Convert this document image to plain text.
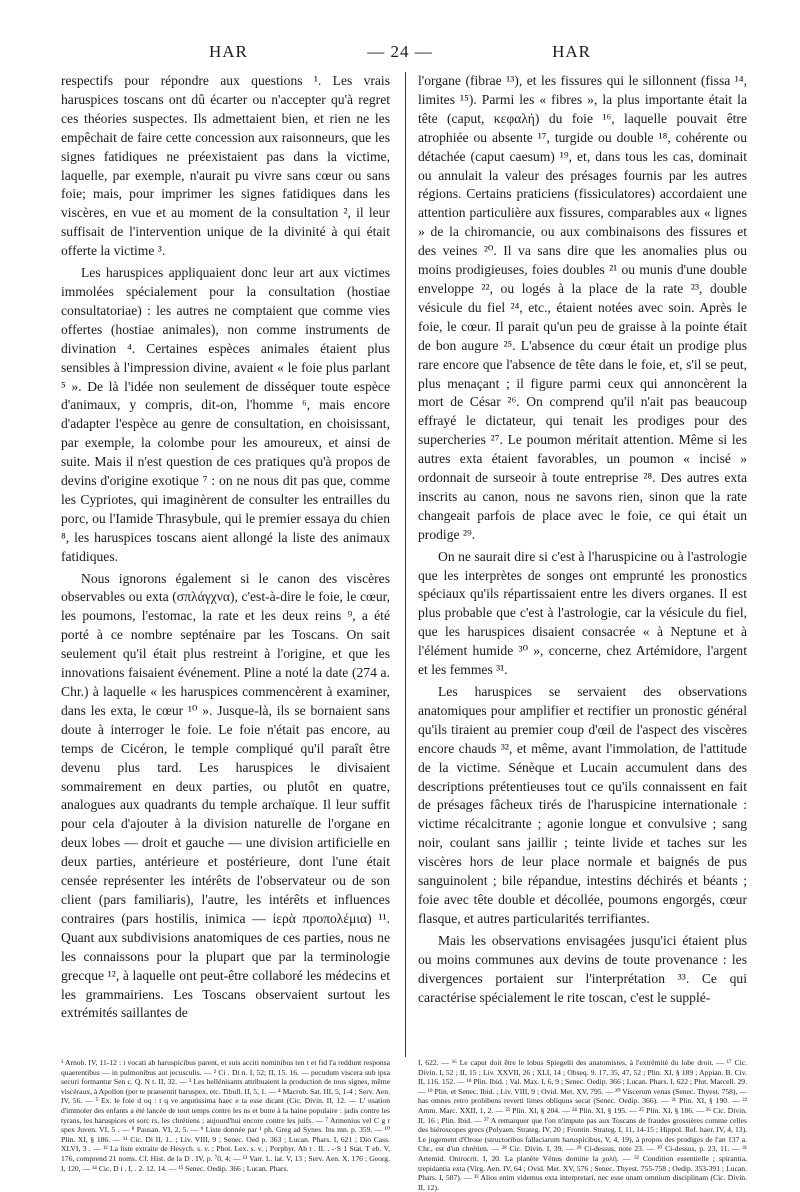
HAR	— 24 —	HAR

respectifs pour répondre aux questions ¹. Les vrais haruspices toscans ont dû écarter ou n'accepter qu'à regret ces théories suspectes. Ils admettaient bien, et rien ne les empêchait de faire cette concession aux raisonneurs, que les signes fatidiques ne préexistaient pas dans la victime, laquelle, par exemple, n'aurait pu vivre sans cœur ou sans foie; mais, pour imprimer les signes fatidiques dans les viscères, en vue et au moment de la consultation ², il leur suffisait de l'intervention unique de la divinité à qui était offerte la victime ³.

Les haruspices appliquaient donc leur art aux victimes immolées spécialement pour la consultation (hostiae consultatoriae) : les autres ne comptaient que comme vies offertes (hostiae animales), non comme instruments de divination ⁴. Certaines espèces animales étaient plus sensibles à l'impression divine, avaient « le foie plus parlant ⁵ ». De là l'idée non seulement de disséquer toute espèce d'animaux, y compris, dit-on, l'homme ⁶, mais encore d'adapter l'espèce au genre de consultation, en choisissant, par exemple, la colombe pour les amoureux, et ainsi de suite. Mais il n'est question de ces pratiques qu'à propos de devins d'origine exotique ⁷ : on ne nous dit pas que, comme les Cypriotes, qui imaginèrent de consulter les entrailles du porc, ou l'Iamide Thrasybule, qui le premier essaya du chien ⁸, les haruspices toscans aient allongé la liste des animaux fatidiques.

Nous ignorons également si le canon des viscères observables ou exta (σπλάγχνα), c'est-à-dire le foie, le cœur, les poumons, l'estomac, la rate et les deux reins ⁹, a été porté à ce nombre septénaire par les Toscans. On sait seulement qu'il était plus restreint à l'origine, et que les innovations faisaient événement. Pline a noté la date (274 a. Chr.) à laquelle « les haruspices commencèrent à examiner, dans les exta, le cœur ¹⁰ ». Jusque-là, ils se bornaient sans doute à interroger le foie. Le foie n'était pas encore, au temps de Cicéron, le temple compliqué qu'il paraît être devenu plus tard. Les haruspices le divisaient sommairement en deux parties, ou plutôt en quatre, analogues aux quadrants du temple archaïque. Il leur suffit pour cela d'ajouter à la division naturelle de l'organe en deux lobes — droit et gauche — une division artificielle en deux parties, antérieure et postérieure, dont l'une était censée représenter les intérêts de l'observateur ou de son client (pars familiaris), l'autre, les intérêts et influences contraires (pars hostilis, inimica — ἱερὰ προπολέμια) ¹¹. Quant aux subdivisions anatomiques de ces parties, nous ne les connaissons pour la plupart que par la terminologie grecque ¹², à laquelle ont peut-être collaboré les médecins et les grammairiens. Les Toscans observaient surtout les extrémités saillantes de

l'organe (fibrae ¹³), et les fissures qui le sillonnent (fissa ¹⁴, limites ¹⁵). Parmi les « fibres », la plus importante était la tête (caput, κεφαλή) du foie ¹⁶, laquelle pouvait être atrophiée ou absente ¹⁷, turgide ou double ¹⁸, cohérente ou détachée (caput caesum) ¹⁹, et, dans tous les cas, dominait ou annulait la valeur des présages fournis par les autres régions. Certains praticiens (fissiculatores) accordaient une attention particulière aux fissures, comparables aux « lignes » de la chiromancie, ou aux combinaisons des fissures et des veines ²⁰. Il va sans dire que les anomalies plus ou moins prodigieuses, foies doubles ²¹ ou munis d'une double enveloppe ²², ou logés à la place de la rate ²³, double vésicule du fiel ²⁴, etc., étaient notées avec soin. Après le foie, le cœur. Il parait qu'un peu de graisse à la pointe était de bon augure ²⁵. L'absence du cœur était un prodige plus rare encore que l'absence de tête dans le foie, et, s'il se peut, plus menaçant ; il figure parmi ceux qui annoncèrent la mort de César ²⁶. On comprend qu'il n'ait pas beaucoup effrayé le dictateur, qui tenait les prodiges pour des supercheries ²⁷. Le poumon méritait attention. Même si les autres exta étaient favorables, un poumon « incisé » ordonnait de surseoir à toute entreprise ²⁸. Des autres exta inscrits au canon, nous ne savons rien, sinon que la rate changeait parfois de place avec le foie, ce qui était un prodige ²⁹.

On ne saurait dire si c'est à l'haruspicine ou à l'astrologie que les interprètes de songes ont emprunté les pronostics spéciaux qu'ils répartissaient entre les divers organes. Il est plus probable que c'est à l'astrologie, car la vésicule du fiel, que les haruspices disaient consacrée « à Neptune et à l'élément humide ³⁰ », concerne, chez Artémidore, l'argent et les femmes ³¹.

Les haruspices se servaient des observations anatomiques pour amplifier et rectifier un pronostic général qu'ils tiraient au premier coup d'œil de l'aspect des viscères encore chauds ³², et même, avant l'immolation, de l'attitude de la victime. Sénèque et Lucain accumulent dans des descriptions prétentieuses tout ce qu'ils connaissent en fait de présages fâcheux tirés de l'haruspicine internationale : victime récalcitrante ; agonie longue et convulsive ; sang noir, coulant sans jaillir ; teinte livide et taches sur les viscères hors de leur place normale et baignés de pus sanguinolent ; bile répandue, intestins déchirés et béants ; foie avec tête double et décollée, poumons engorgés, cœur flasque, et autres particularités terrifiantes.

Mais les observations envisagées jusqu'ici étaient plus ou moins communes aux devins de toute provenance : les divergences portaient sur l'interprétation ³³. Ce qui caractérise spécialement le rite toscan, c'est le supplé-

¹ Arnob. IV, 11-12 : i vocati ab haruspicibus parent, et suis acciti nominibus ten t et fid l'a reddunt responsa quaerentibus — in pulmonibus aut jecusculis. — ² Ci . Di n. I, 52; II, 15. 16. — pecudum viscera sub ipsa securi formantur Sen c. Q. N t. II, 32. — ³ Les hellénisants attribuaient la production de tous signes, même viscéraux, à Apollon (per te praesentit haruspex, etc. Tibull. II, 5, 1. — ⁴ Macrob. Sat. III, 5, 1-4 ; Serv. Aen. IV, 56. — ⁵ Ex. le foie d oq : t q ve argutissima haec e ta esse dicant (Cic. Divin. II, 12. — L' usation d'immoler des enfants a été lancée de tout temps contre les ns et butte à la haine populaire : jadis contre les tyrans, les haruspices et sorc rs, les chrétiens ; aujourd'hui encore contre les juifs. — ⁷ Armenius vel C g r spex Juven. VI, 5 . — ⁸ Pausan. VI, 2, 5. — ⁹ Liste donnée par ¹ ph. Greg ad Synes. Ins mn. p. 359. — ¹⁰ Plin. XI, § 186. — ¹¹ Cic. Di II, 1.. ; Liv. VIII, 9 ; Senec. Oed p. 363 ; Lucan. Phars. I, 621 ; Dio Cass. XLVI, 3 . — ¹² La liste extraite de Hesych. s. v. ; Phot. Lex. s. v. ; Porphyr. Ab t . II. . -·S 1 Stat. T eb. V, 176, comprend 21 noms. Cf. Hist. de la D . IV, p. ⁷0, 4; — ¹³ Varr. L. lat. V, 13 ; Serv. Aen. X. 176 ; Georg. I, 120, — ¹⁴ Cic. D i . I, . 2. 12. 14. — ¹⁵ Senec. Oedip. 366 ; Lucan. Phars.

I, 622. — ¹⁶ Le caput doit être le lobus Spiegelii des anatomistes, à l'extrémité du lobe droit. — ¹⁷ Cic. Divin. I, 52 ; II, 15 ; Liv. XXVII, 26 ; XLI, 14 ; Obseq. 9. 17, 35, 47, 52 ; Plin. XI, § 189 ; Appian. B. Civ. II, 116. 152. — ¹⁸ Plin. Ibid. ; Val. Max. I, 6, 9 ; Senec. Oedip. 366 ; Lucan. Phars. I, 622 ; Plut. Marcell. 29. — ¹⁹ Plin. et Senec. Ibid. ; Liv. VIII, 9 ; Ovid. Met. XV, 795. — ²⁰ Viscerum venas (Senec. Thyest. 758), — has omnes retro prohibens reverti limes obliquus secat (Senec. Oedip. 366). — ²¹ Plin. XI, § 190. — ²² Amm. Marc. XXII, 1, 2. — ²³ Plin. XI, § 204. — ²⁴ Plin. XI, § 195. — ²⁵ Plin. XI, § 186. — ²⁶ Cic. Divin. II, 16 ; Plin. Ibid. — ²⁷ A remarquer que l'on n'impute pas aux Toscans de fraudes grossières comme celles des hiéroscopes grecs (Polyaen. Strateg. IV, 20 ; Frontin. Strateg. I, 11, 14-15 ; Hippol. Ref. haer. IV, 4, 13). Le jugement d'Orose (structoribus fallaciarum haruspicibus, V, 4, 19), à propos des prodiges de l'an 137 a. Chr., est d'un chrétien. — ²⁸ Cic. Divin. I, 39. — ²⁹ Ci-dessus, note 23. — ³⁰ Ci-dessus, p. 23, 11. — ³¹ Artemid. Onirocrit. I, 20. La planète Vénus domine la χολή. — ³² Condition essentielle ; spirantia, trepidantia exta (Virg. Aen. IV, 64 ; Ovid. Met. XV, 576 ; Senec. Thyest. 755-758 ; Oedip. 353-391 ; Lucan. Phars. I, 587). — ³³ Alios enim videmus exta interpretari, nec esse unam omnium disciplinam (Cic. Divin. II, 12).
